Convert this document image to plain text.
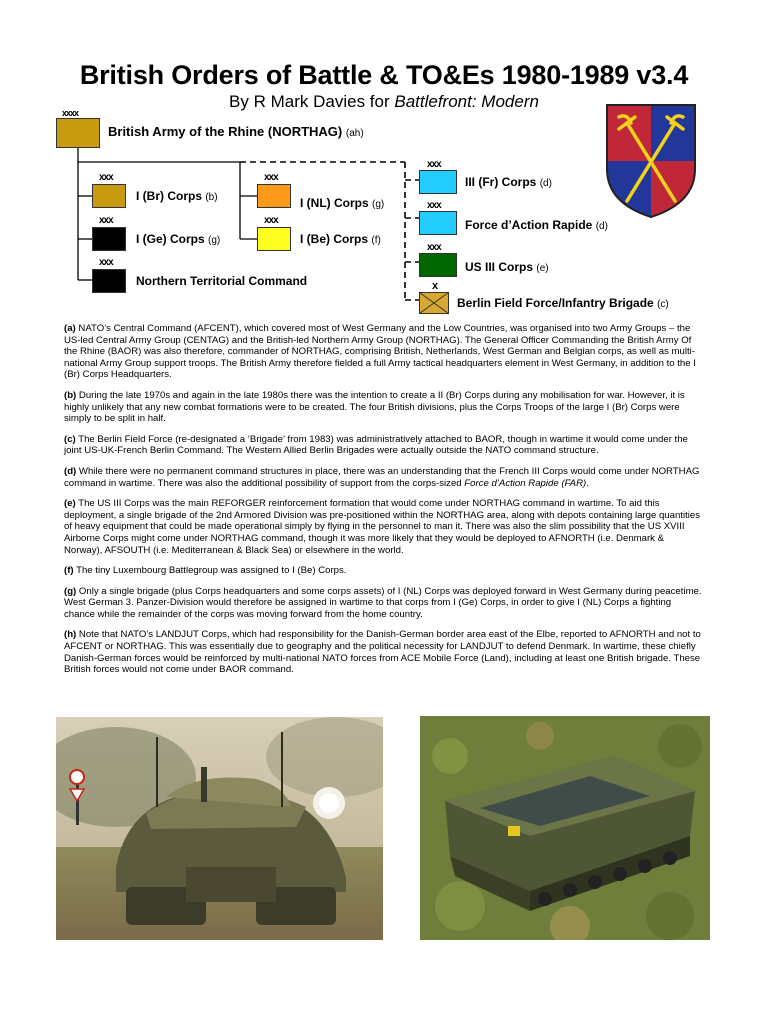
British Orders of Battle & TO&Es 1980-1989 v3.4
By R Mark Davies for Battlefront: Modern
xxxx
British Army of the Rhine (NORTHAG) (ah)
xxx
I (Br) Corps (b)
xxx
I (Ge) Corps (g)
xxx
Northern Territorial Command
xxx
I (NL) Corps (g)
xxx
I (Be) Corps (f)
xxx
III (Fr) Corps (d)
xxx
Force d’Action Rapide (d)
xxx
US III Corps (e)
x
Berlin Field Force/Infantry Brigade (c)

(a) NATO’s Central Command (AFCENT), which covered most of West Germany and the Low Countries, was organised into two Army Groups – the US-led Central Army Group (CENTAG) and the British-led Northern Army Group (NORTHAG). The General Officer Commanding the British Army Of the Rhine (BAOR) was also therefore, commander of NORTHAG, comprising British, Netherlands, West German and Belgian corps, as well as multi-national Army Group support troops. The British Army therefore fielded a full Army tactical headquarters element in West Germany, in addition to the I (Br) Corps Headquarters.

(b) During the late 1970s and again in the late 1980s there was the intention to create a II (Br) Corps during any mobilisation for war. However, it is highly unlikely that any new combat formations were to be created. The four British divisions, plus the Corps Troops of the large I (Br) Corps were simply to be split in half.

(c) The Berlin Field Force (re-designated a ‘Brigade’ from 1983) was administratively attached to BAOR, though in wartime it would come under the joint US-UK-French Berlin Command. The Western Allied Berlin Brigades were actually outside the NATO command structure.

(d) While there were no permanent command structures in place, there was an understanding that the French III Corps would come under NORTHAG command in wartime. There was also the additional possibility of support from the corps-sized Force d’Action Rapide (FAR).

(e) The US III Corps was the main REFORGER reinforcement formation that would come under NORTHAG command in wartime. To aid this deployment, a single brigade of the 2nd Armored Division was pre-positioned within the NORTHAG area, along with depots containing large quantities of heavy equipment that could be made operational simply by flying in the personnel to man it. There was also the slim possibility that the US XVIII Airborne Corps might come under NORTHAG command, though it was more likely that they would be deployed to AFNORTH (i.e. Denmark & Norway), AFSOUTH (i.e. Mediterranean & Black Sea) or elsewhere in the world.

(f) The tiny Luxembourg Battlegroup was assigned to I (Be) Corps.

(g) Only a single brigade (plus Corps headquarters and some corps assets) of I (NL) Corps was deployed forward in West Germany during peacetime. West German 3. Panzer-Division would therefore be assigned in wartime to that corps from I (Ge) Corps, in order to give I (NL) Corps a fighting chance while the remainder of the corps was moving forward from the home country.

(h) Note that NATO’s LANDJUT Corps, which had responsibility for the Danish-German border area east of the Elbe, reported to AFNORTH and not to AFCENT or NORTHAG. This was essentially due to geography and the political necessity for LANDJUT to defend Denmark. In wartime, these chiefly Danish-German forces would be reinforced by multi-national NATO forces from ACE Mobile Force (Land), including at least one British brigade. These British forces would not come under BAOR command.
